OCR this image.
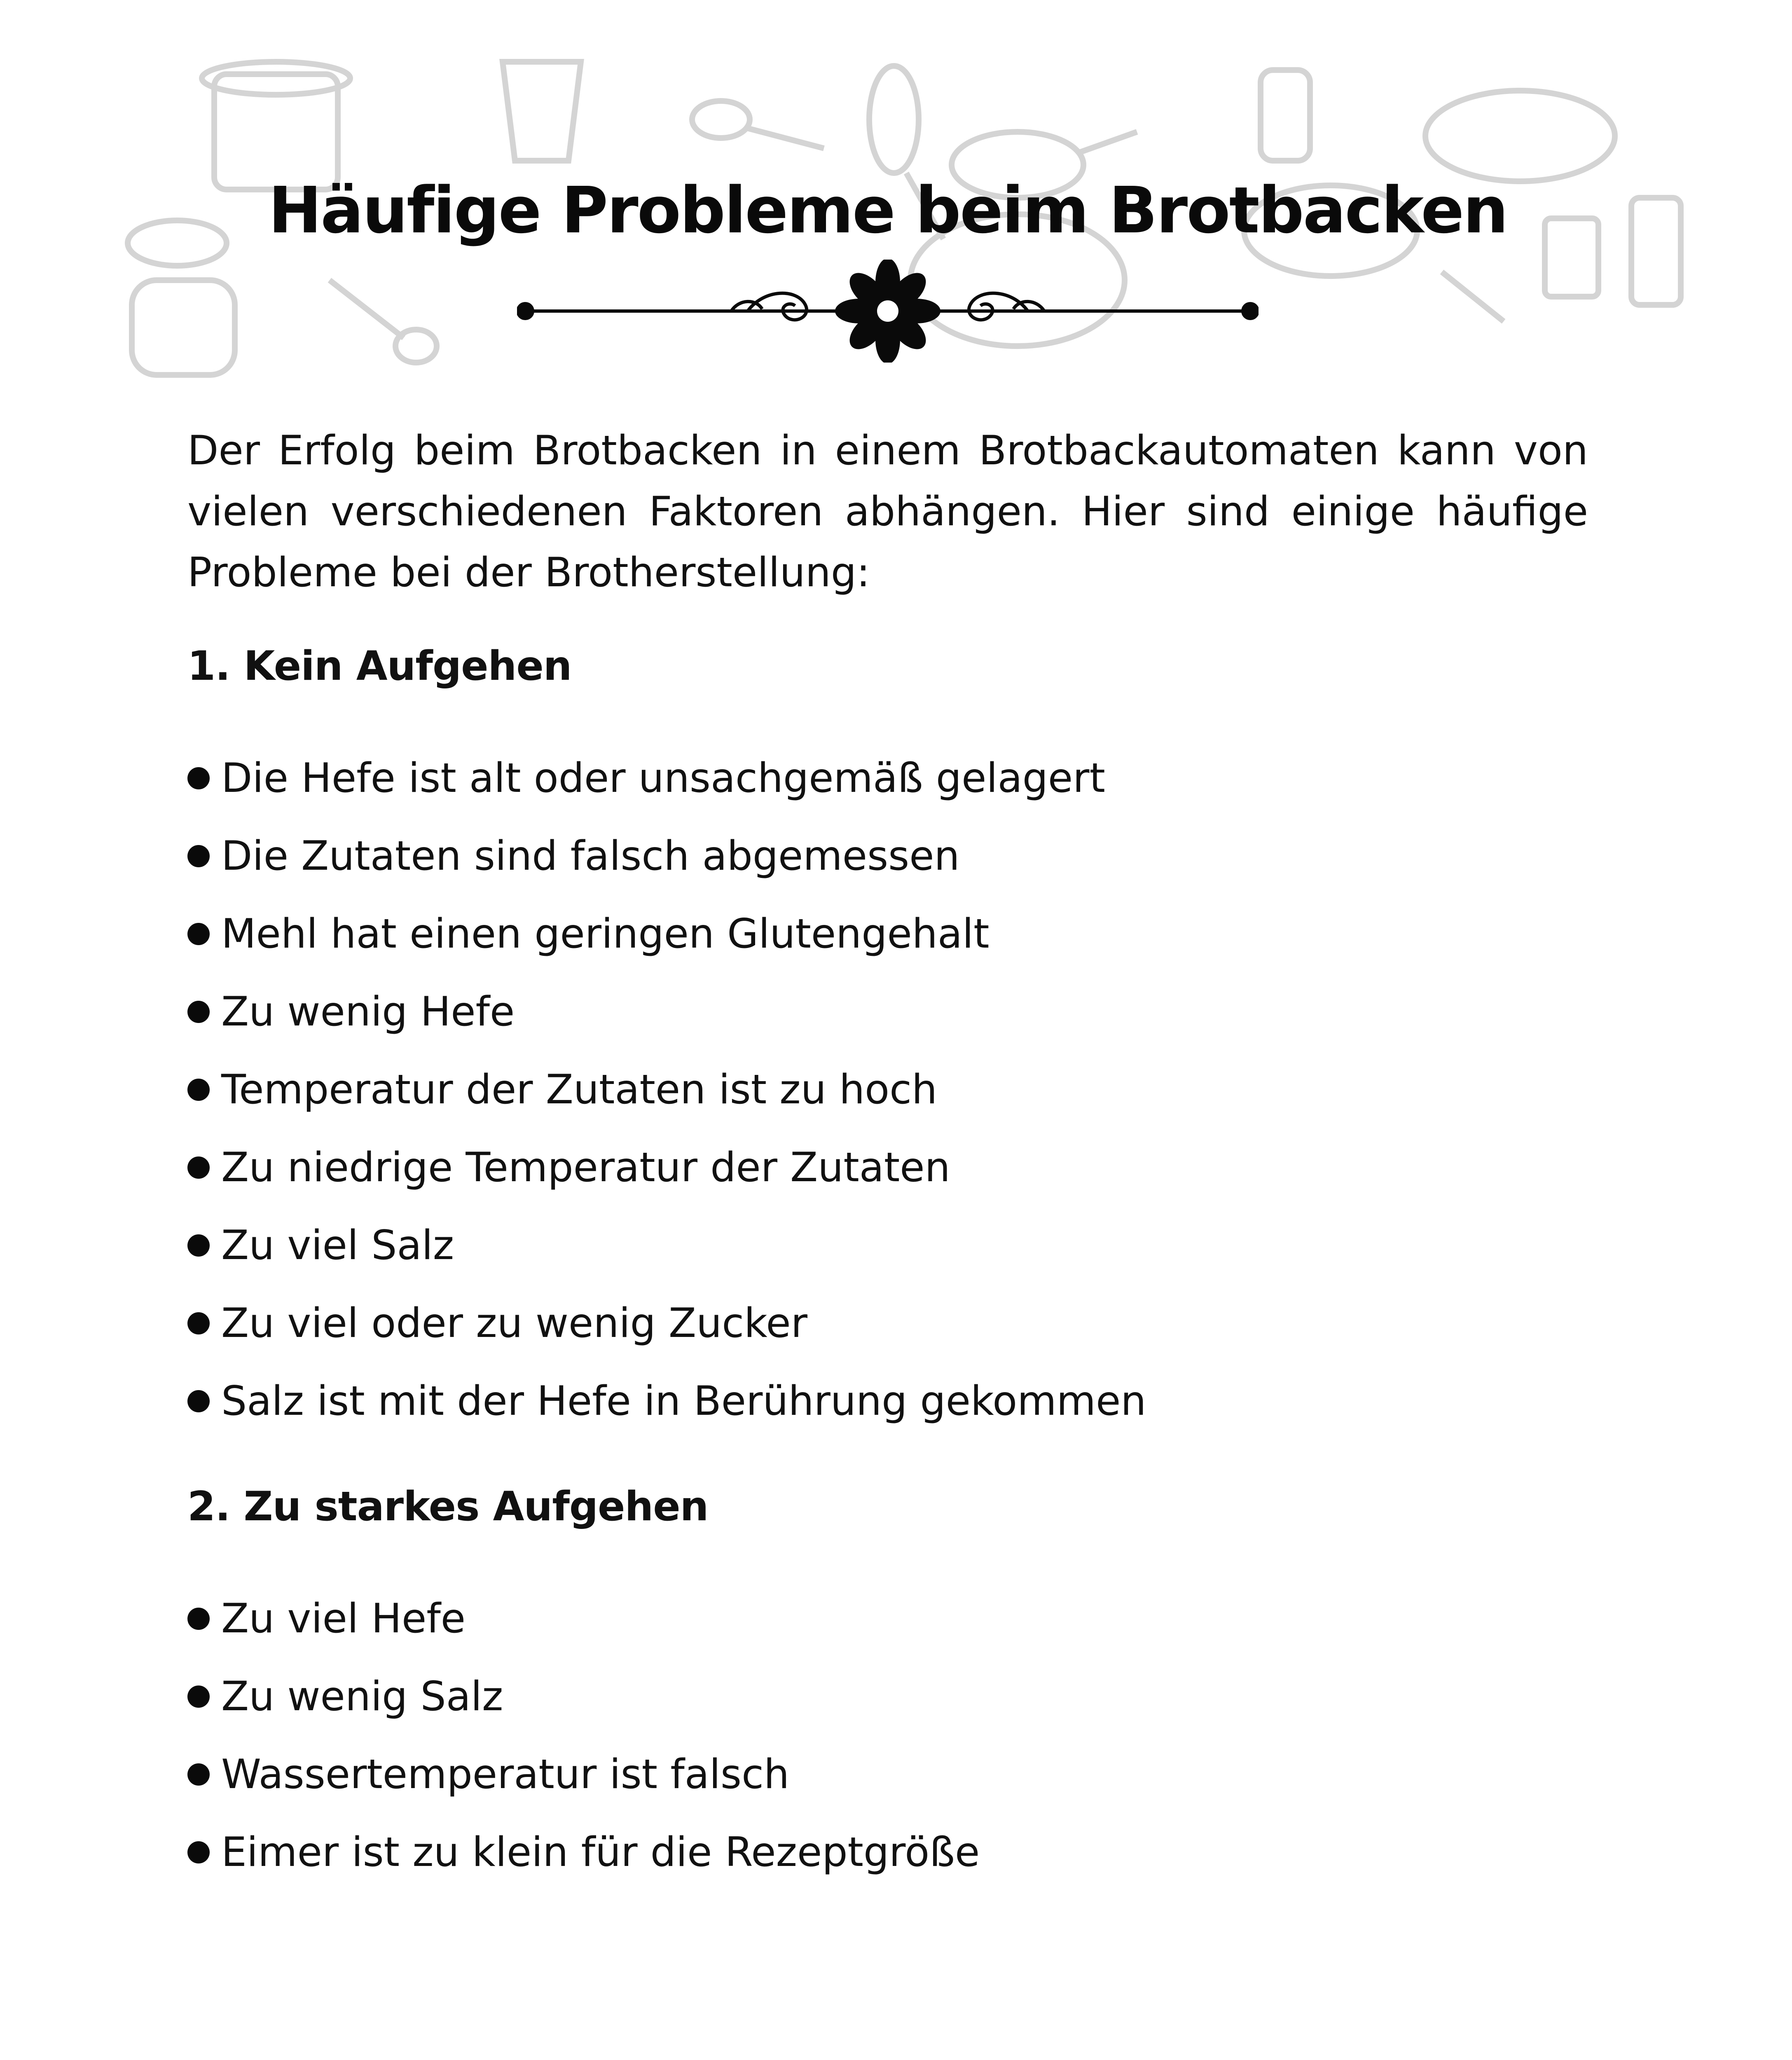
Häufige Probleme beim Brotbacken

Der Erfolg beim Brotbacken in einem Brotbackautomaten kann von vielen verschiedenen Faktoren abhängen. Hier sind einige häufige Probleme bei der Brotherstellung:

1. Kein Aufgehen
Die Hefe ist alt oder unsachgemäß gelagert
Die Zutaten sind falsch abgemessen
Mehl hat einen geringen Glutengehalt
Zu wenig Hefe
Temperatur der Zutaten ist zu hoch
Zu niedrige Temperatur der Zutaten
Zu viel Salz
Zu viel oder zu wenig Zucker
Salz ist mit der Hefe in Berührung gekommen
2. Zu starkes Aufgehen
Zu viel Hefe
Zu wenig Salz
Wassertemperatur ist falsch
Eimer ist zu klein für die Rezeptgröße
